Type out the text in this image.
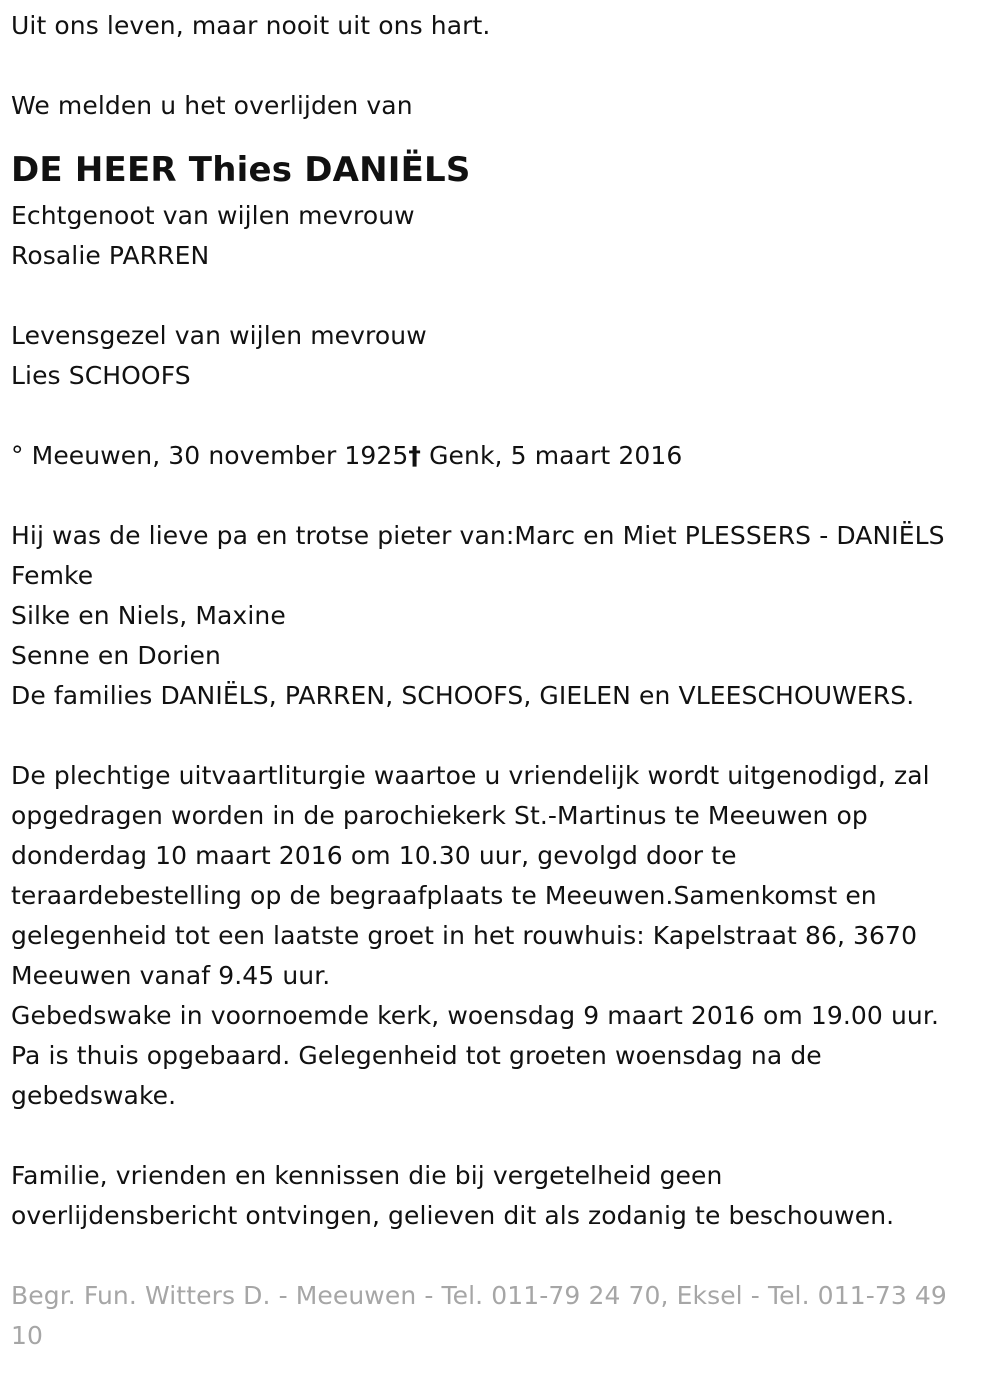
Uit ons leven, maar nooit uit ons hart.
We melden u het overlijden van
DE HEER Thies DANIËLS
Echtgenoot van wijlen mevrouw
Rosalie PARREN
Levensgezel van wijlen mevrouw
Lies SCHOOFS
° Meeuwen, 30 november 1925† Genk, 5 maart 2016
Hij was de lieve pa en trotse pieter van:Marc en Miet PLESSERS - DANIËLS
Femke
Silke en Niels, Maxine
Senne en Dorien
De families DANIËLS, PARREN, SCHOOFS, GIELEN en VLEESCHOUWERS.
De plechtige uitvaartliturgie waartoe u vriendelijk wordt uitgenodigd, zal
opgedragen worden in de parochiekerk St.-Martinus te Meeuwen op
donderdag 10 maart 2016 om 10.30 uur, gevolgd door te
teraardebestelling op de begraafplaats te Meeuwen.Samenkomst en
gelegenheid tot een laatste groet in het rouwhuis: Kapelstraat 86, 3670
Meeuwen vanaf 9.45 uur.
Gebedswake in voornoemde kerk, woensdag 9 maart 2016 om 19.00 uur.
Pa is thuis opgebaard. Gelegenheid tot groeten woensdag na de
gebedswake.
Familie, vrienden en kennissen die bij vergetelheid geen
overlijdensbericht ontvingen, gelieven dit als zodanig te beschouwen.
Begr. Fun. Witters D. - Meeuwen - Tel. 011-79 24 70, Eksel - Tel. 011-73 49
10
